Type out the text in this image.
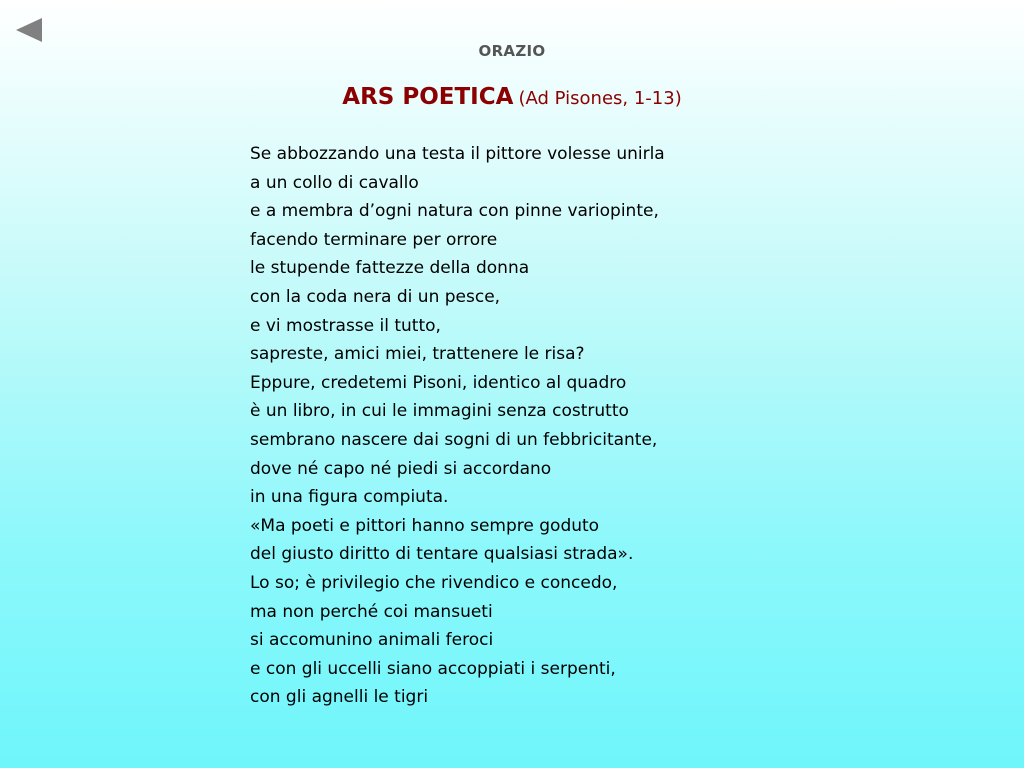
ORAZIO
ARS POETICA (Ad Pisones, 1-13)
Se abbozzando una testa il pittore volesse unirla
a un collo di cavallo
e a membra d’ogni natura con pinne variopinte,
facendo terminare per orrore
le stupende fattezze della donna
con la coda nera di un pesce,
e vi mostrasse il tutto,
sapreste, amici miei, trattenere le risa?
Eppure, credetemi Pisoni, identico al quadro
è un libro, in cui le immagini senza costrutto
sembrano nascere dai sogni di un febbricitante,
dove né capo né piedi si accordano
in una figura compiuta.
«Ma poeti e pittori hanno sempre goduto
del giusto diritto di tentare qualsiasi strada».
Lo so; è privilegio che rivendico e concedo,
ma non perché coi mansueti
si accomunino animali feroci
e con gli uccelli siano accoppiati i serpenti,
con gli agnelli le tigri
